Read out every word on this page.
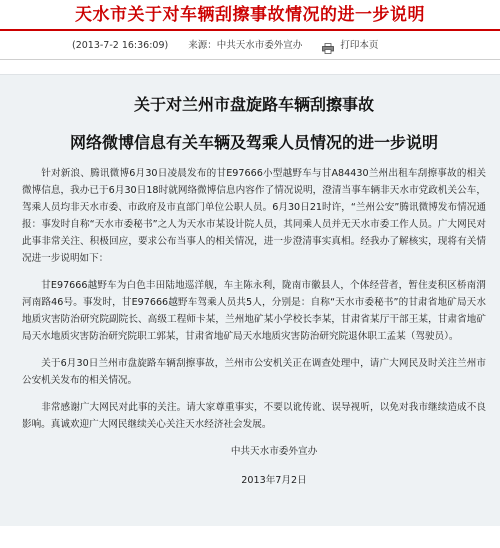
天水市关于对车辆刮擦事故情况的进一步说明
(2013-7-2 16:36:09) 来源：中共天水市委外宣办	打印本页
关于对兰州市盘旋路车辆刮擦事故
网络微博信息有关车辆及驾乘人员情况的进一步说明

针对新浪、腾讯微博6月30日凌晨发布的甘E97666小型越野车与甘A84430兰州出租车刮擦事故的相关微博信息，我办已于6月30日18时就网络微博信息内容作了情况说明，澄清当事车辆非天水市党政机关公车，驾乘人员均非天水市委、市政府及市直部门单位公职人员。6月30日21时许，“兰州公安”腾讯微博发布情况通报：事发时自称“天水市委秘书”之人为天水市某设计院人员，其同乘人员并无天水市委工作人员。广大网民对此事非常关注、积极回应，要求公布当事人的相关情况，进一步澄清事实真相。经我办了解核实，现将有关情况进一步说明如下：

甘E97666越野车为白色丰田陆地巡洋舰，车主陈永利，陇南市徽县人，个体经营者，暂住麦积区桥南渭河南路46号。事发时，甘E97666越野车驾乘人员共5人，分别是：自称“天水市委秘书”的甘肃省地矿局天水地质灾害防治研究院副院长、高级工程师卡某，兰州地矿某小学校长李某，甘肃省某厅干部王某，甘肃省地矿局天水地质灾害防治研究院职工郭某，甘肃省地矿局天水地质灾害防治研究院退休职工孟某（驾驶员）。

关于6月30日兰州市盘旋路车辆刮擦事故，兰州市公安机关正在调查处理中，请广大网民及时关注兰州市公安机关发布的相关情况。

非常感谢广大网民对此事的关注。请大家尊重事实，不要以讹传讹、误导视听，以免对我市继续造成不良影响。真诚欢迎广大网民继续关心关注天水经济社会发展。

中共天水市委外宣办
2013年7月2日
